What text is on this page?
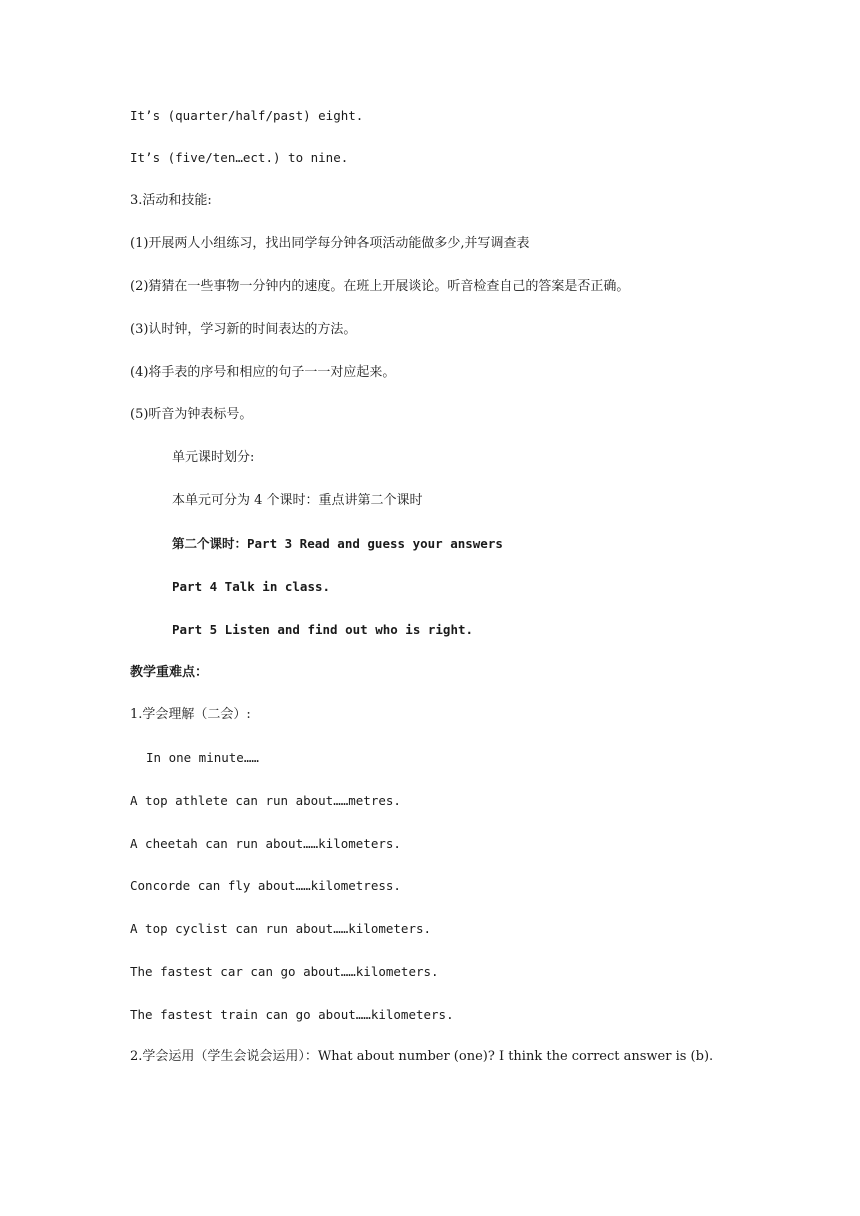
It’s (quarter/half/past) eight.
It’s (five/ten…ect.) to nine.
3.活动和技能:
(1)开展两人小组练习，找出同学每分钟各项活动能做多少,并写调查表
(2)猜猜在一些事物一分钟内的速度。在班上开展谈论。听音检查自己的答案是否正确。
(3)认时钟，学习新的时间表达的方法。
(4)将手表的序号和相应的句子一一对应起来。
(5)听音为钟表标号。
单元课时划分:
本单元可分为 4 个课时：重点讲第二个课时
第二个课时：Part 3 Read and guess your answers
Part 4 Talk in class.
Part 5 Listen and find out who is right.
教学重难点：
1.学会理解（二会）:
In one minute……
A top athlete can run about……metres.
A cheetah can run about……kilometers.
Concorde can fly about……kilometress.
A top cyclist can run about……kilometers.
The fastest car can go about……kilometers.
The fastest train can go about……kilometers.
2.学会运用（学生会说会运用）：What about number (one)? I think the correct answer is (b).
